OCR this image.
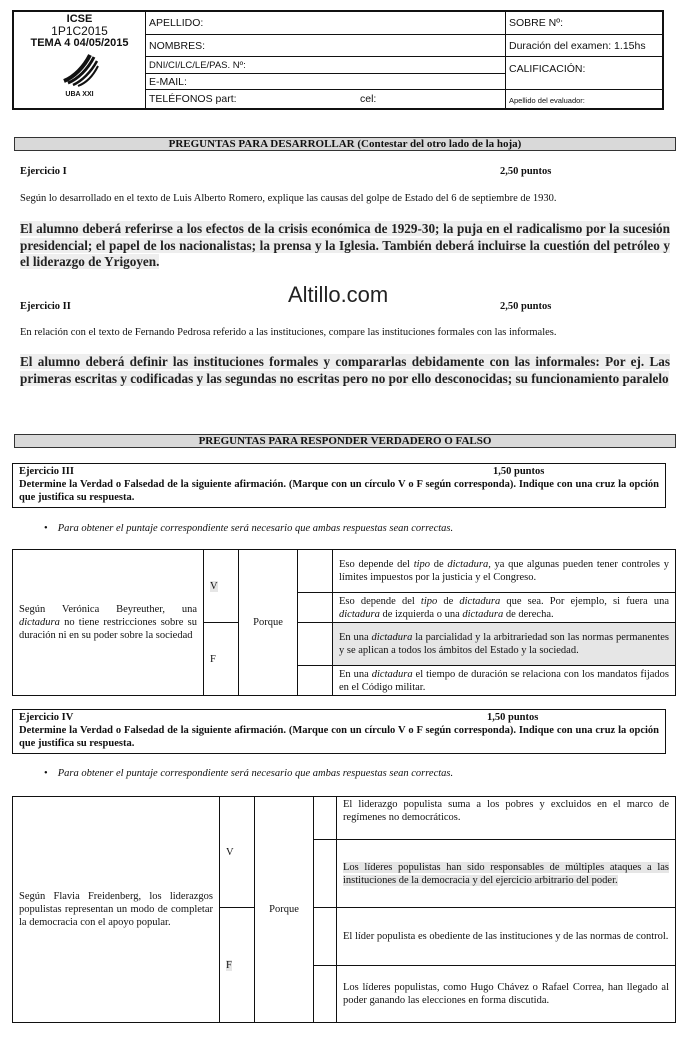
ICSE
1P1C2015
TEMA 4 04/05/2015
UBA XXI
APELLIDO:
NOMBRES:
DNI/CI/LC/LE/PAS. Nº:
E-MAIL:
TELÉFONOS part:	cel:
SOBRE Nº:
Duración del examen: 1.15hs
CALIFICACIÓN:
Apellido del evaluador:
PREGUNTAS PARA DESARROLLAR (Contestar del otro lado de la hoja)
Ejercicio I	2,50 puntos
Según lo desarrollado en el texto de Luis Alberto Romero, explique las causas del golpe de Estado del 6 de septiembre de 1930.
El alumno deberá referirse a los efectos de la crisis económica de 1929-30; la puja en el radicalismo por la sucesión presidencial; el papel de los nacionalistas; la prensa y la Iglesia. También deberá incluirse la cuestión del petróleo y el liderazgo de Yrigoyen.
Altillo.com
Ejercicio II	2,50 puntos
En relación con el texto de Fernando Pedrosa referido a las instituciones, compare las instituciones formales con las informales.
El alumno deberá definir las instituciones formales y compararlas debidamente con las informales: Por ej. Las primeras escritas y codificadas y las segundas no escritas pero no por ello desconocidas; su funcionamiento paralelo
PREGUNTAS PARA RESPONDER VERDADERO O FALSO
Ejercicio III	1,50 puntos
Determine la Verdad o Falsedad de la siguiente afirmación. (Marque con un círculo V o F según corresponda). Indique con una cruz la opción que justifica su respuesta.
• Para obtener el puntaje correspondiente será necesario que ambas respuestas sean correctas.
Según Verónica Beyreuther, una dictadura no tiene restricciones sobre su duración ni en su poder sobre la sociedad	V	Porque		Eso depende del tipo de dictadura, ya que algunas pueden tener controles y límites impuestos por la justicia y el Congreso.
				Eso depende del tipo de dictadura que sea. Por ejemplo, si fuera una dictadura de izquierda o una dictadura de derecha.
	F			En una dictadura la parcialidad y la arbitrariedad son las normas permanentes y se aplican a todos los ámbitos del Estado y la sociedad.
				En una dictadura el tiempo de duración se relaciona con los mandatos fijados en el Código militar.
Ejercicio IV	1,50 puntos
Determine la Verdad o Falsedad de la siguiente afirmación. (Marque con un círculo V o F según corresponda). Indique con una cruz la opción que justifica su respuesta.
• Para obtener el puntaje correspondiente será necesario que ambas respuestas sean correctas.
Según Flavia Freidenberg, los liderazgos populistas representan un modo de completar la democracia con el apoyo popular.	V	Porque		El liderazgo populista suma a los pobres y excluidos en el marco de regímenes no democráticos.
				Los líderes populistas han sido responsables de múltiples ataques a las instituciones de la democracia y del ejercicio arbitrario del poder.
	F			El líder populista es obediente de las instituciones y de las normas de control.
				Los líderes populistas, como Hugo Chávez o Rafael Correa, han llegado al poder ganando las elecciones en forma discutida.
